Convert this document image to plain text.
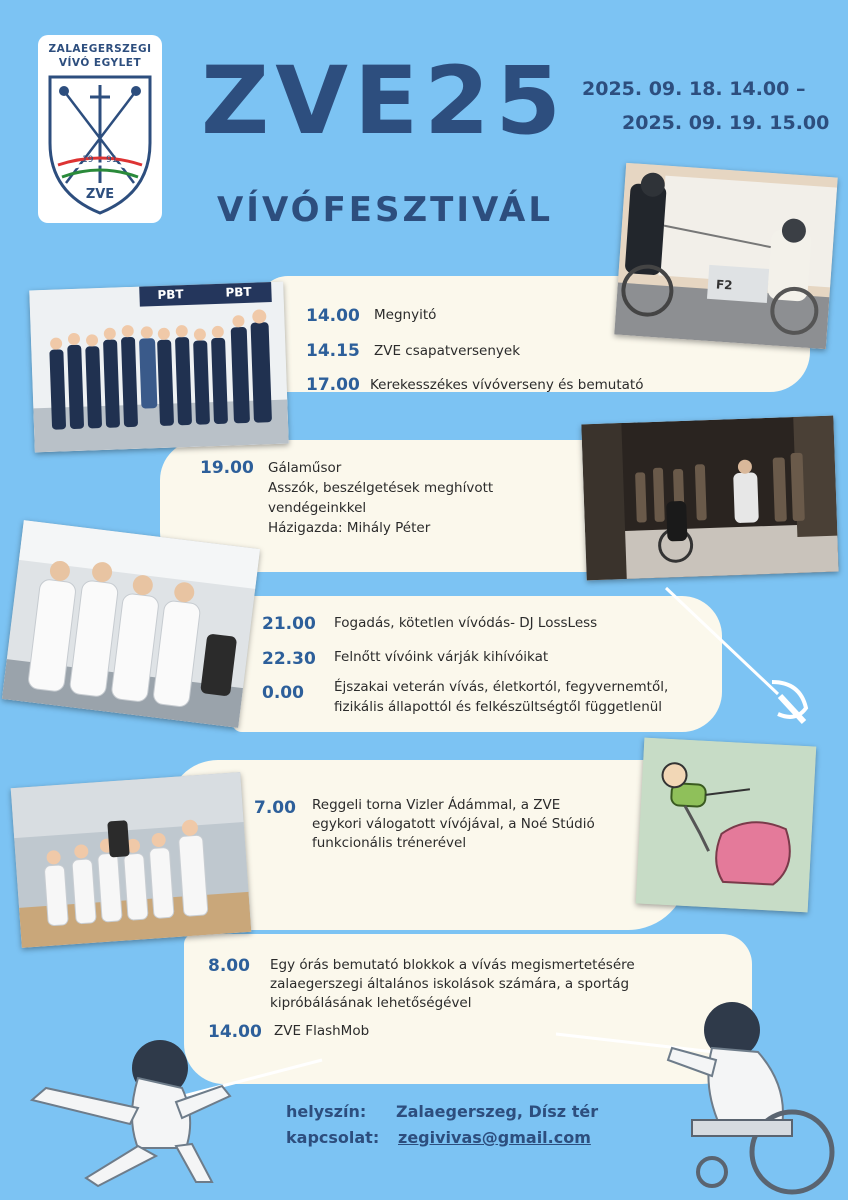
ZALAEGERSZEGI
VÍVÓ EGYLET
19 91
ZVE
ZVE25
VÍVÓFESZTIVÁL
2025. 09. 18. 14.00 –
2025. 09. 19. 15.00
14.00 Megnyitó
14.15 ZVE csapatversenyek
17.00 Kerekesszékes vívóverseny és bemutató
19.00 Gálaműsor
Asszók, beszélgetések meghívott
vendégeinkkel
Házigazda: Mihály Péter
21.00 Fogadás, kötetlen vívódás- DJ LossLess
22.30 Felnőtt vívóink várják kihívóikat
0.00 Éjszakai veterán vívás, életkortól, fegyvernemtől,
fizikális állapottól és felkészültségtől függetlenül
7.00 Reggeli torna Vizler Ádámmal, a ZVE
egykori válogatott vívójával, a Noé Stúdió
funkcionális trénerével
8.00 Egy órás bemutató blokkok a vívás megismertetésére
zalaegerszegi általános iskolások számára, a sportág
kipróbálásának lehetőségével
14.00 ZVE FlashMob
PBT	PBT	F2
helyszín: Zalaegerszeg, Dísz tér
kapcsolat: zegivivas@gmail.com
